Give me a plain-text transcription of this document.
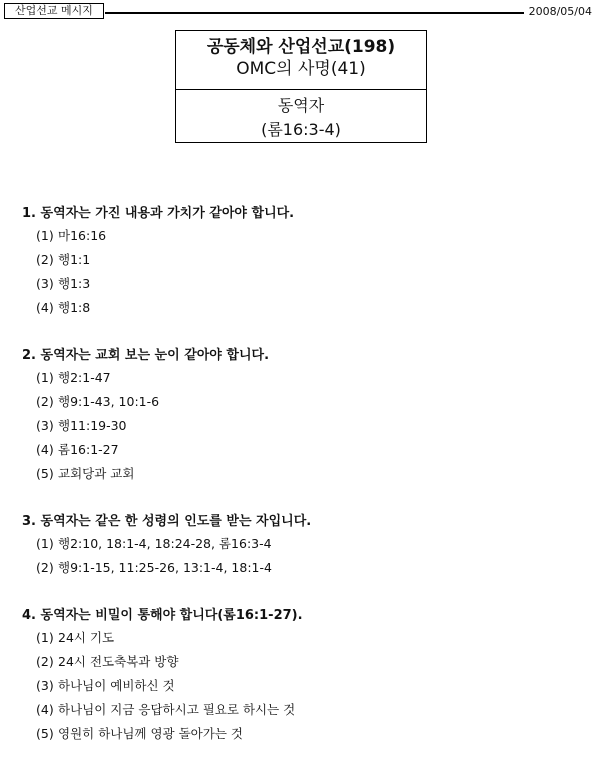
산업선교 메시지	2008/05/04
공동체와 산업선교(198)
OMC의 사명(41)
동역자
(롬16:3-4)
1. 동역자는 가진 내용과 가치가 같아야 합니다.
(1) 마16:16
(2) 행1:1
(3) 행1:3
(4) 행1:8
2. 동역자는 교회 보는 눈이 같아야 합니다.
(1) 행2:1-47
(2) 행9:1-43, 10:1-6
(3) 행11:19-30
(4) 롬16:1-27
(5) 교회당과 교회
3. 동역자는 같은 한 성령의 인도를 받는 자입니다.
(1) 행2:10, 18:1-4, 18:24-28, 롬16:3-4
(2) 행9:1-15, 11:25-26, 13:1-4, 18:1-4
4. 동역자는 비밀이 통해야 합니다(롬16:1-27).
(1) 24시 기도
(2) 24시 전도축복과 방향
(3) 하나님이 예비하신 것
(4) 하나님이 지금 응답하시고 필요로 하시는 것
(5) 영원히 하나님께 영광 돌아가는 것
